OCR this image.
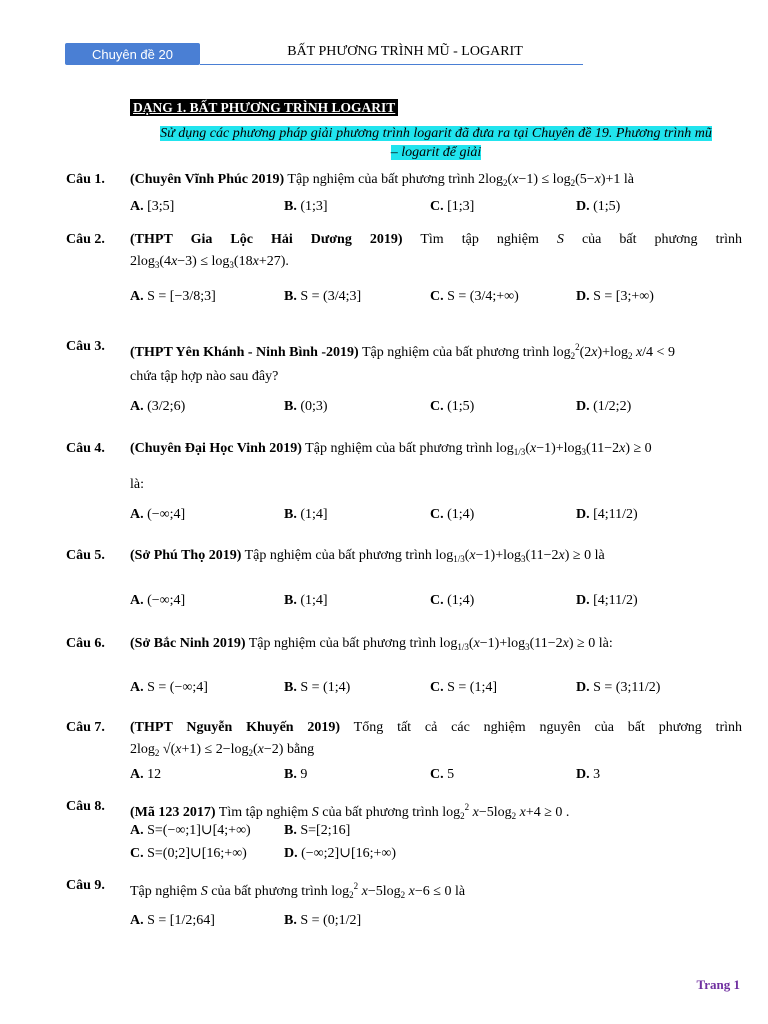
Chuyên đề 20	BẤT PHƯƠNG TRÌNH MŨ - LOGARIT
DẠNG 1. BẤT PHƯƠNG TRÌNH LOGARIT
Sử dụng các phương pháp giải phương trình logarit đã đưa ra tại Chuyên đề 19. Phương trình mũ
– logarit để giải
Câu 1. (Chuyên Vĩnh Phúc 2019) Tập nghiệm của bất phương trình $2\log_2(x-1) \le \log_2(5-x)+1$ là
A. [3;5]	B. (1;3]	C. [1;3]	D. (1;5)
Câu 2. (THPT Gia Lộc Hải Dương 2019) Tìm tập nghiệm S của bất phương trình
$2\log_3(4x-3) \le \log_3(18x+27)$.
A. S = [−3/8;3]	B. S = (3/4;3]	C. S = (3/4;+∞)	D. S = [3;+∞)
Câu 3. (THPT Yên Khánh - Ninh Bình -2019) Tập nghiệm của bất phương trình $\log_2^2(2x)+\log_2$ x/4 < 9
chứa tập hợp nào sau đây?
A. (3/2;6)	B. (0;3)	C. (1;5)	D. (1/2;2)
Câu 4. (Chuyên Đại Học Vinh 2019) Tập nghiệm của bất phương trình $\log_{1/3}(x-1)+\log_3(11-2x) \ge 0$
là:
A. (−∞;4]	B. (1;4]	C. (1;4)	D. [4;11/2)
Câu 5. (Sở Phú Thọ 2019) Tập nghiệm của bất phương trình $\log_{1/3}(x-1)+\log_3(11-2x) \ge 0$ là
A. (−∞;4]	B. (1;4]	C. (1;4)	D. [4;11/2)
Câu 6. (Sở Bắc Ninh 2019) Tập nghiệm của bất phương trình $\log_{1/3}(x-1)+\log_3(11-2x) \ge 0$ là:
A. S = (−∞;4]	B. S = (1;4)	C. S = (1;4]	D. S = (3;11/2)
Câu 7. (THPT Nguyễn Khuyến 2019) Tổng tất cả các nghiệm nguyên của bất phương trình
$2\log_2$ $√(x+1) \le 2-\log_2(x-2)$ bằng
A. 12	B. 9	C. 5	D. 3
Câu 8. (Mã 123 2017) Tìm tập nghiệm S của bất phương trình $\log_2^2 x-5\log_2$ x+4 ≥ 0 .
A. S=(−∞;1]∪[4;+∞) B. S=[2;16]
C. S=(0;2]∪[16;+∞)	D. (−∞;2]∪[16;+∞)
Câu 9. Tập nghiệm S của bất phương trình $\log_2^2 x-5\log_2$ x−6 ≤ 0 là
A. S = [1/2;64]	B. S = (0;1/2]
Trang 1
